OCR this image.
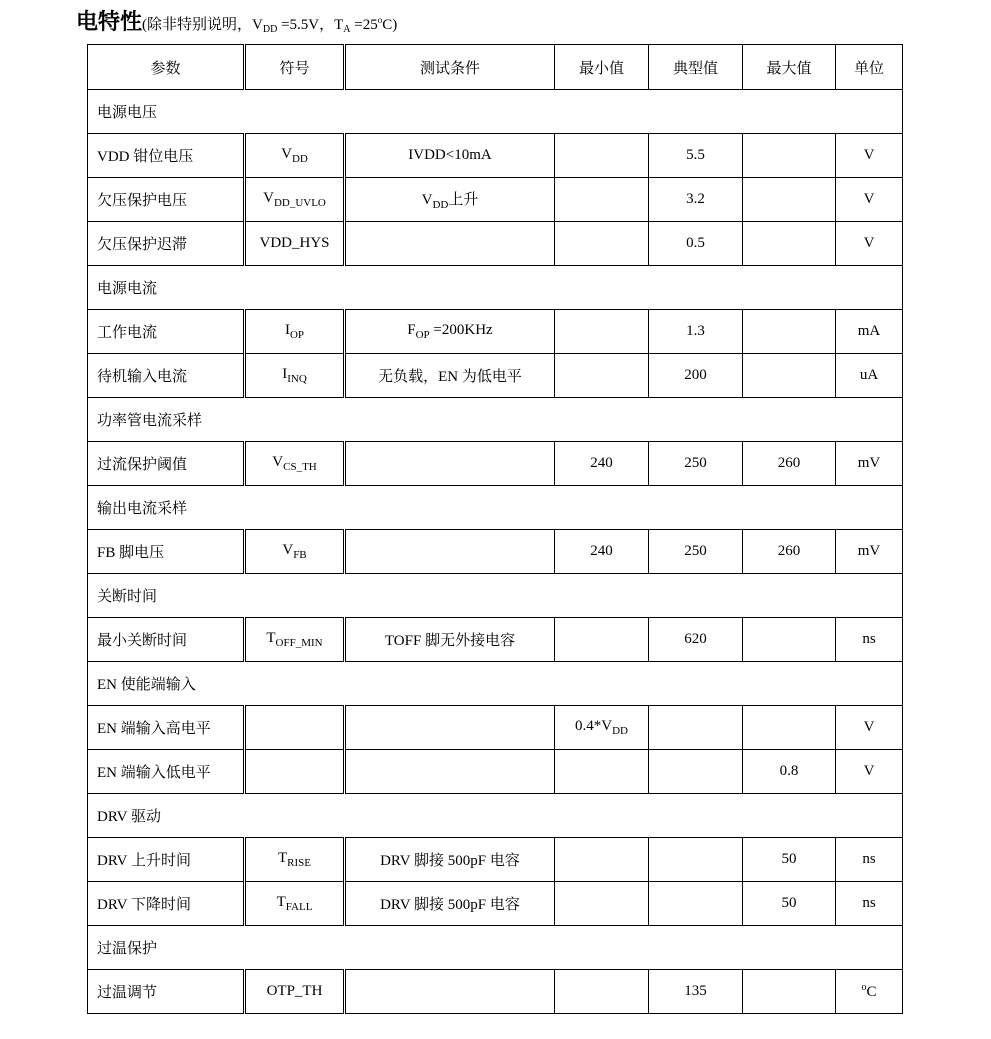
电特性(除非特别说明，$V_{DD} =5.5V$，$T_A =25^oC$)
参数	符号	测试条件	最小值	典型值	最大值	单位
电源电压						
VDD 钳位电压	$V_{DD}$	IVDD<10mA		5.5		V
欠压保护电压	$V_{DD\_UVLO}$	$V_{DD}$上升		3.2		V
欠压保护迟滞	VDD_HYS			0.5		V
电源电流						
工作电流	$I_{OP}$	$F_{OP} =200KHz$		1.3		mA
待机输入电流	$I_{INQ}$	无负载，EN 为低电平		200		uA
功率管电流采样						
过流保护阈值	$V_{CS\_TH}$		240	250	260	mV
输出电流采样						
FB 脚电压	$V_{FB}$		240	250	260	mV
关断时间						
最小关断时间	$T_{OFF\_MIN}$	TOFF 脚无外接电容		620		ns
EN 使能端输入						
EN 端输入高电平			$0.4*V_{DD}$			V
EN 端输入低电平					0.8	V
DRV 驱动						
DRV 上升时间	$T_{RISE}$	DRV 脚接 500pF 电容			50	ns
DRV 下降时间	$T_{FALL}$	DRV 脚接 500pF 电容			50	ns
过温保护						
过温调节	OTP_TH			135		$^o$C
